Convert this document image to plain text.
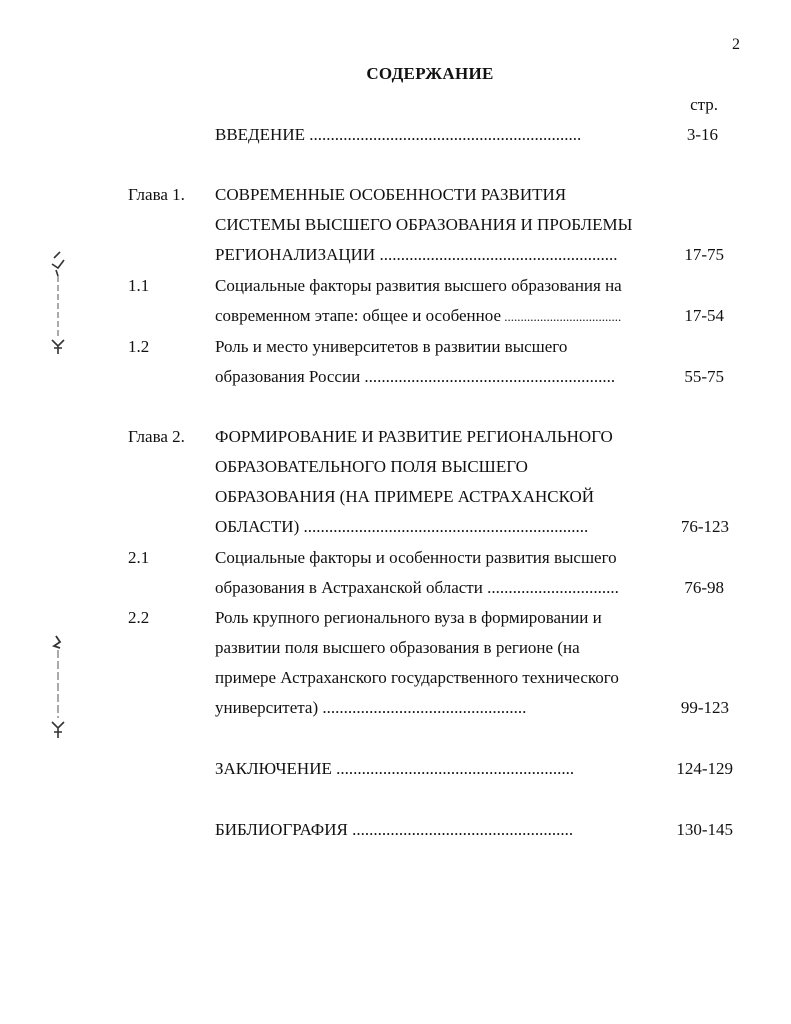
2
СОДЕРЖАНИЕ
стр.
ВВЕДЕНИЕ ................................................................	3-16
Глава 1. СОВРЕМЕННЫЕ ОСОБЕННОСТИ РАЗВИТИЯ
СИСТЕМЫ ВЫСШЕГО ОБРАЗОВАНИЯ И ПРОБЛЕМЫ
РЕГИОНАЛИЗАЦИИ ........................................................	17-75
1.1	Социальные факторы развития высшего образования на
современном этапе: общее и особенное ....................................	17-54
1.2	Роль и место университетов в развитии высшего
образования России ...........................................................	55-75
Глава 2. ФОРМИРОВАНИЕ И РАЗВИТИЕ РЕГИОНАЛЬНОГО
ОБРАЗОВАТЕЛЬНОГО ПОЛЯ ВЫСШЕГО
ОБРАЗОВАНИЯ (НА ПРИМЕРЕ АСТРАХАНСКОЙ
ОБЛАСТИ) ...................................................................	76-123
2.1	Социальные факторы и особенности развития высшего
образования в Астраханской области ...............................	76-98
2.2	Роль крупного регионального вуза в формировании и
развитии поля высшего образования в регионе (на
примере Астраханского государственного технического
университета) ................................................	99-123
ЗАКЛЮЧЕНИЕ ........................................................	124-129
БИБЛИОГРАФИЯ ....................................................	130-145
